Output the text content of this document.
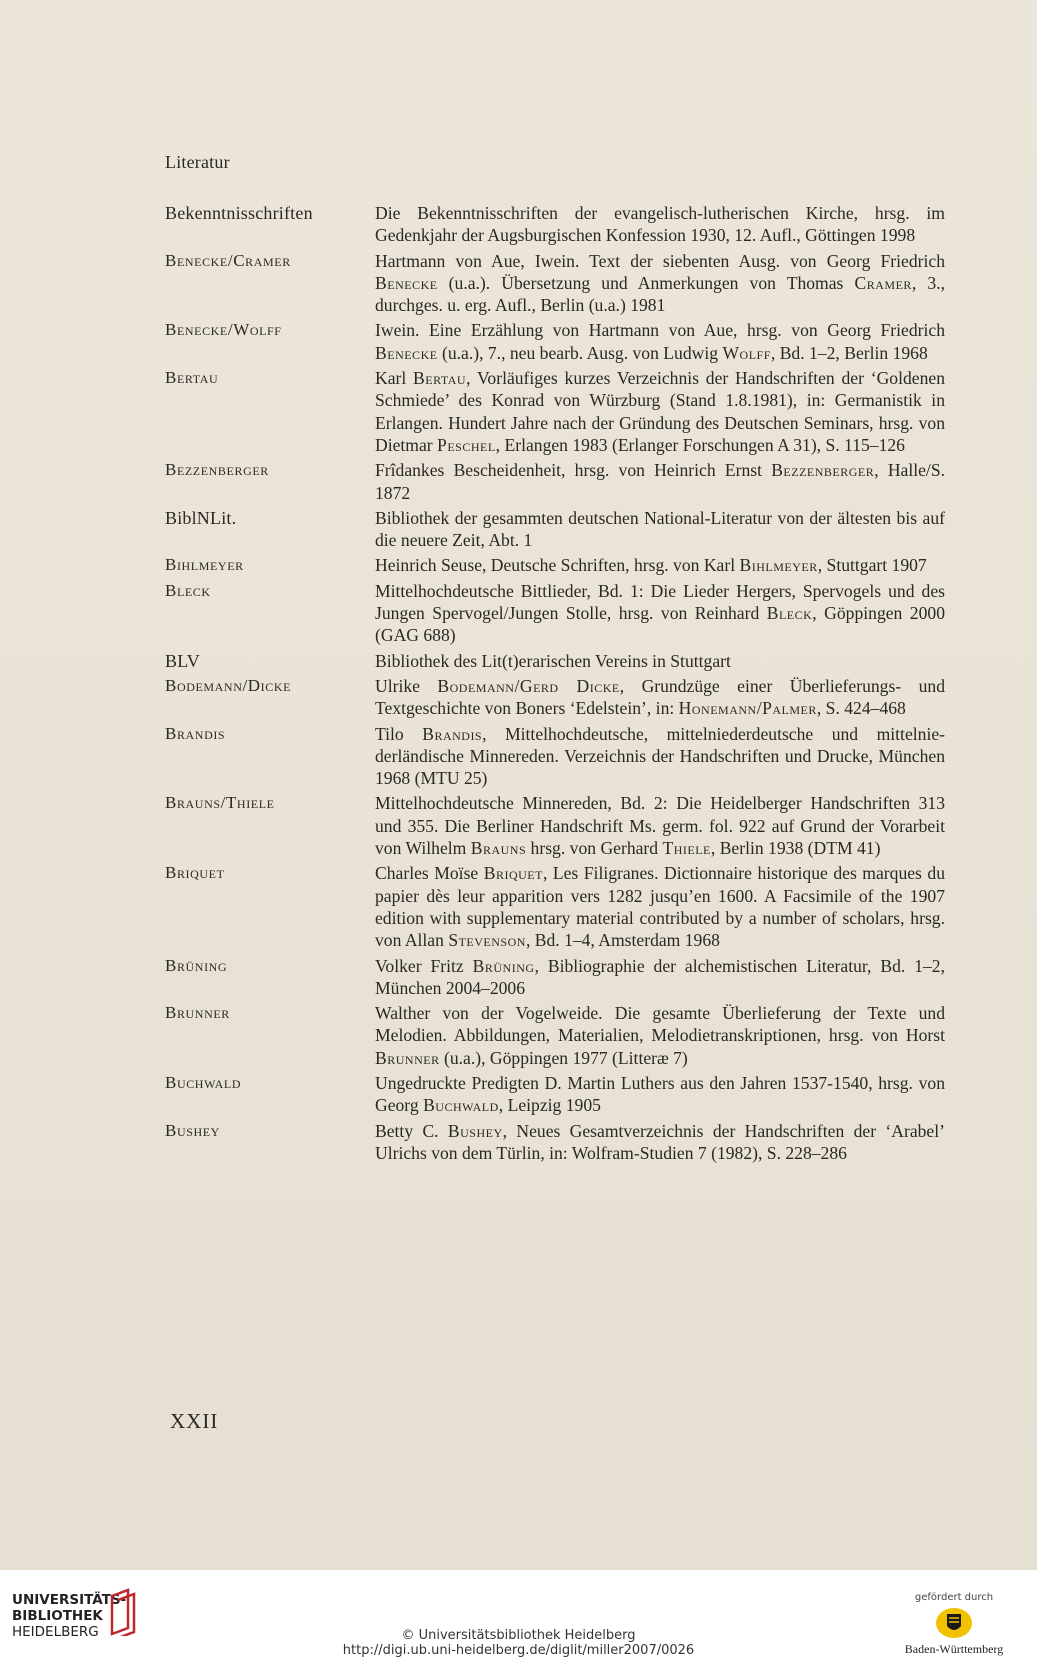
Literatur
Bekenntnisschriften	Die Bekenntnisschriften der evangelisch-lutherischen Kirche, hrsg. im Gedenkjahr der Augsburgischen Konfession 1930, 12. Aufl., Göttingen 1998
Benecke/Cramer	Hartmann von Aue, Iwein. Text der siebenten Ausg. von Georg Friedrich Benecke (u.a.). Übersetzung und Anmerkungen von Thomas Cramer, 3., durchges. u. erg. Aufl., Berlin (u.a.) 1981
Benecke/Wolff	Iwein. Eine Erzählung von Hartmann von Aue, hrsg. von Georg Friedrich Benecke (u.a.), 7., neu bearb. Ausg. von Ludwig Wolff, Bd. 1–2, Berlin 1968
Bertau	Karl Bertau, Vorläufiges kurzes Verzeichnis der Handschriften der ‘Goldenen Schmiede’ des Konrad von Würzburg (Stand 1.8.1981), in: Germanistik in Erlangen. Hundert Jahre nach der Gründung des Deutschen Seminars, hrsg. von Dietmar Peschel, Erlangen 1983 (Erlanger Forschungen A 31), S. 115–126
Bezzenberger	Frîdankes Bescheidenheit, hrsg. von Heinrich Ernst Bezzenberger, Halle/S. 1872
BiblNLit.	Bibliothek der gesammten deutschen National-Literatur von der ältesten bis auf die neuere Zeit, Abt. 1
Bihlmeyer	Heinrich Seuse, Deutsche Schriften, hrsg. von Karl Bihlmeyer, Stuttgart 1907
Bleck	Mittelhochdeutsche Bittlieder, Bd. 1: Die Lieder Hergers, Spervogels und des Jungen Spervogel/Jungen Stolle, hrsg. von Reinhard Bleck, Göppingen 2000 (GAG 688)
BLV	Bibliothek des Lit(t)erarischen Vereins in Stuttgart
Bodemann/Dicke	Ulrike Bodemann/Gerd Dicke, Grundzüge einer Überlieferungs- und Textgeschichte von Boners ‘Edelstein’, in: Honemann/Palmer, S. 424–468
Brandis	Tilo Brandis, Mittelhochdeutsche, mittelniederdeutsche und mittelniederländische Minnereden. Verzeichnis der Handschriften und Drucke, München 1968 (MTU 25)
Brauns/Thiele	Mittelhochdeutsche Minnereden, Bd. 2: Die Heidelberger Handschriften 313 und 355. Die Berliner Handschrift Ms. germ. fol. 922 auf Grund der Vorarbeit von Wilhelm Brauns hrsg. von Gerhard Thiele, Berlin 1938 (DTM 41)
Briquet	Charles Moïse Briquet, Les Filigranes. Dictionnaire historique des marques du papier dès leur apparition vers 1282 jusqu’en 1600. A Facsimile of the 1907 edition with supplementary material contributed by a number of scholars, hrsg. von Allan Stevenson, Bd. 1–4, Amsterdam 1968
Brüning	Volker Fritz Brüning, Bibliographie der alchemistischen Literatur, Bd. 1–2, München 2004–2006
Brunner	Walther von der Vogelweide. Die gesamte Überlieferung der Texte und Melodien. Abbildungen, Materialien, Melodietranskriptionen, hrsg. von Horst Brunner (u.a.), Göppingen 1977 (Litteræ 7)
Buchwald	Ungedruckte Predigten D. Martin Luthers aus den Jahren 1537-1540, hrsg. von Georg Buchwald, Leipzig 1905
Bushey	Betty C. Bushey, Neues Gesamtverzeichnis der Handschriften der ‘Arabel’ Ulrichs von dem Türlin, in: Wolfram-Studien 7 (1982), S. 228–286
XXII
UNIVERSITÄTS-
BIBLIOTHEK
HEIDELBERG	© Universitätsbibliothek Heidelberg
http://digi.ub.uni-heidelberg.de/diglit/miller2007/0026
gefördert durch
Baden-Württemberg
